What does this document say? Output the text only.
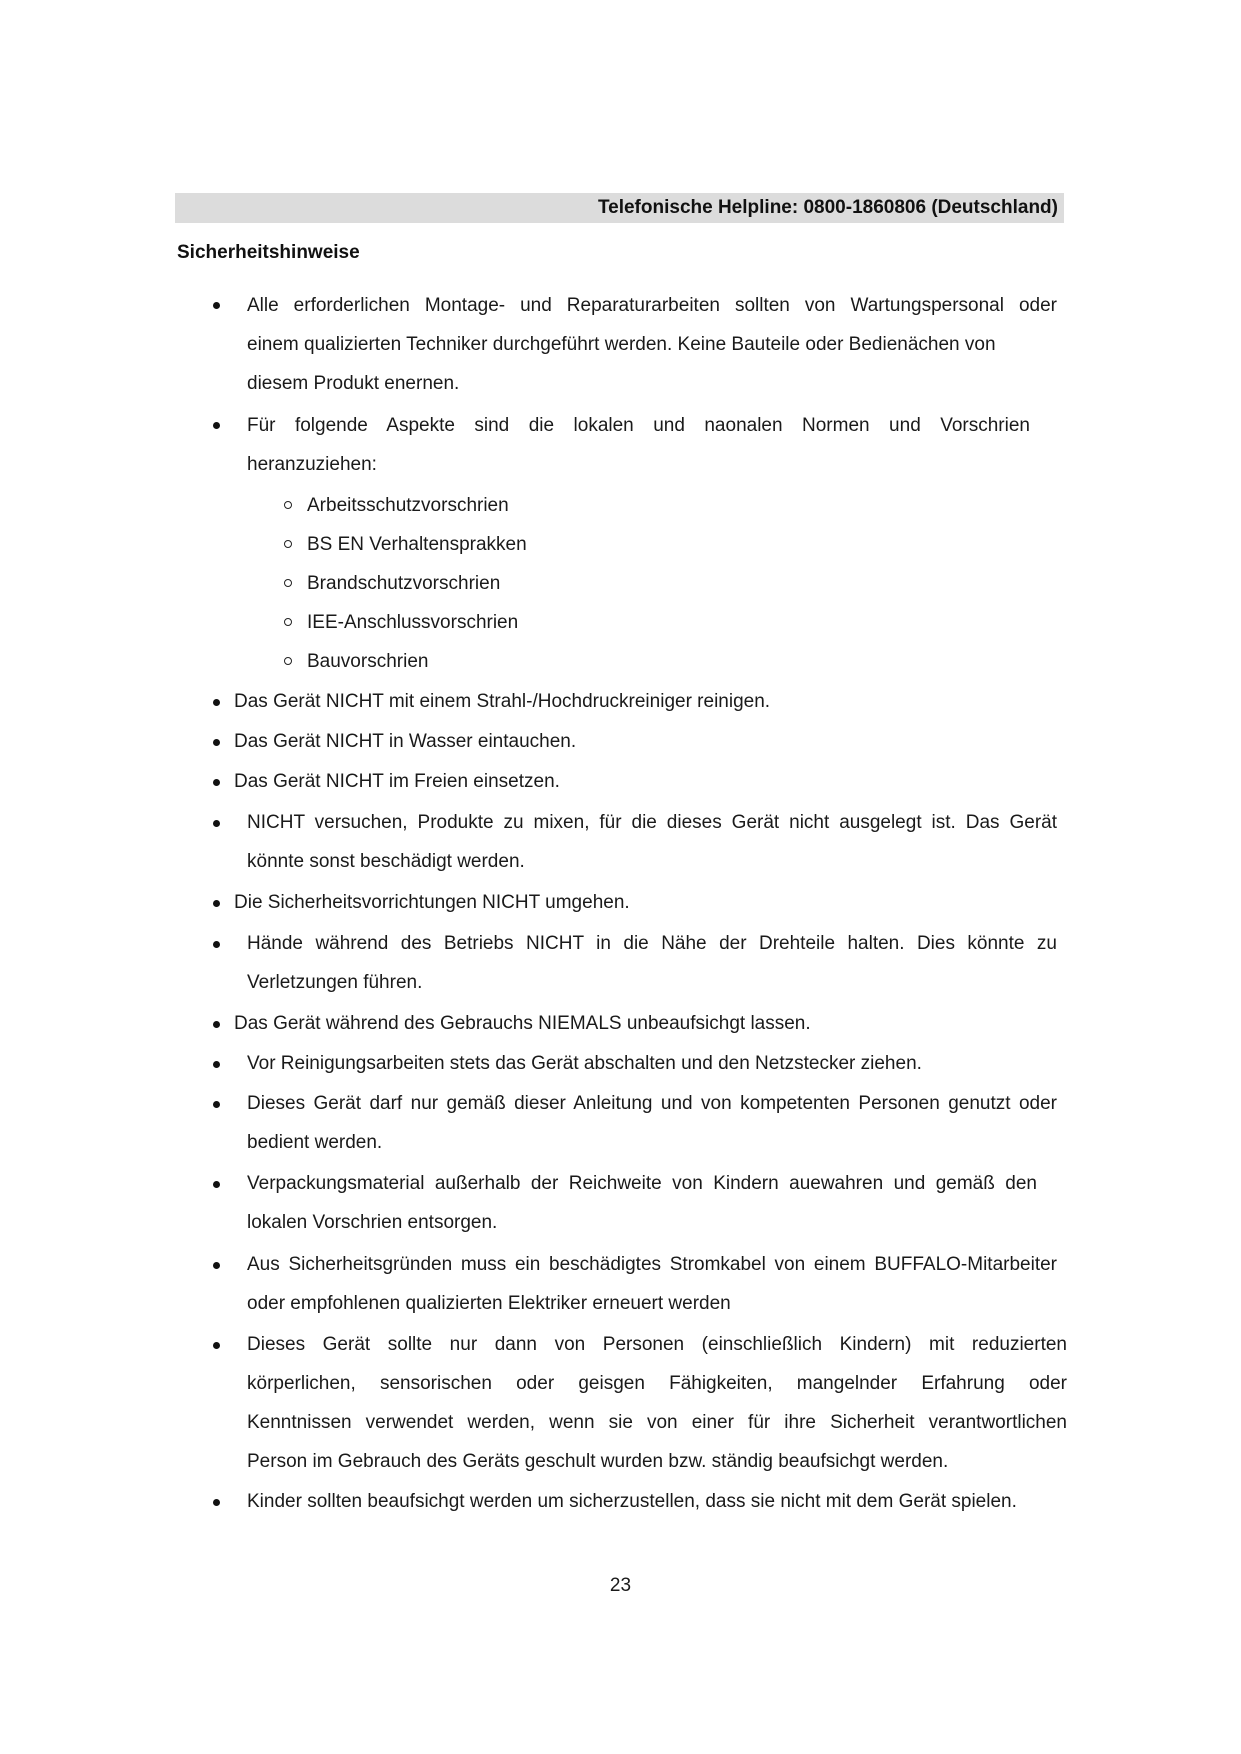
Telefonische Helpline: 0800-1860806 (Deutschland)
Sicherheitshinweise
Alle erforderlichen Montage- und Reparaturarbeiten sollten von Wartungspersonal oder
einem qualizierten Techniker durchgeführt werden. Keine Bauteile oder Bedienächen von
diesem Produkt enernen.
Für folgende Aspekte sind die lokalen und naonalen Normen und Vorschrien
heranzuziehen:
Arbeitsschutzvorschrien
BS EN Verhaltensprakken
Brandschutzvorschrien
IEE-Anschlussvorschrien
Bauvorschrien
Das Gerät NICHT mit einem Strahl-/Hochdruckreiniger reinigen.
Das Gerät NICHT in Wasser eintauchen.
Das Gerät NICHT im Freien einsetzen.
NICHT versuchen, Produkte zu mixen, für die dieses Gerät nicht ausgelegt ist. Das Gerät
könnte sonst beschädigt werden.
Die Sicherheitsvorrichtungen NICHT umgehen.
Hände während des Betriebs NICHT in die Nähe der Drehteile halten. Dies könnte zu
Verletzungen führen.
Das Gerät während des Gebrauchs NIEMALS unbeaufsichgt lassen.
Vor Reinigungsarbeiten stets das Gerät abschalten und den Netzstecker ziehen.
Dieses Gerät darf nur gemäß dieser Anleitung und von kompetenten Personen genutzt oder
bedient werden.
Verpackungsmaterial außerhalb der Reichweite von Kindern auewahren und gemäß den
lokalen Vorschrien entsorgen.
Aus Sicherheitsgründen muss ein beschädigtes Stromkabel von einem BUFFALO-Mitarbeiter
oder empfohlenen qualizierten Elektriker erneuert werden
Dieses Gerät sollte nur dann von Personen (einschließlich Kindern) mit reduzierten
körperlichen, sensorischen oder geisgen Fähigkeiten, mangelnder Erfahrung oder
Kenntnissen verwendet werden, wenn sie von einer für ihre Sicherheit verantwortlichen
Person im Gebrauch des Geräts geschult wurden bzw. ständig beaufsichgt werden.
Kinder sollten beaufsichgt werden um sicherzustellen, dass sie nicht mit dem Gerät spielen.
23
